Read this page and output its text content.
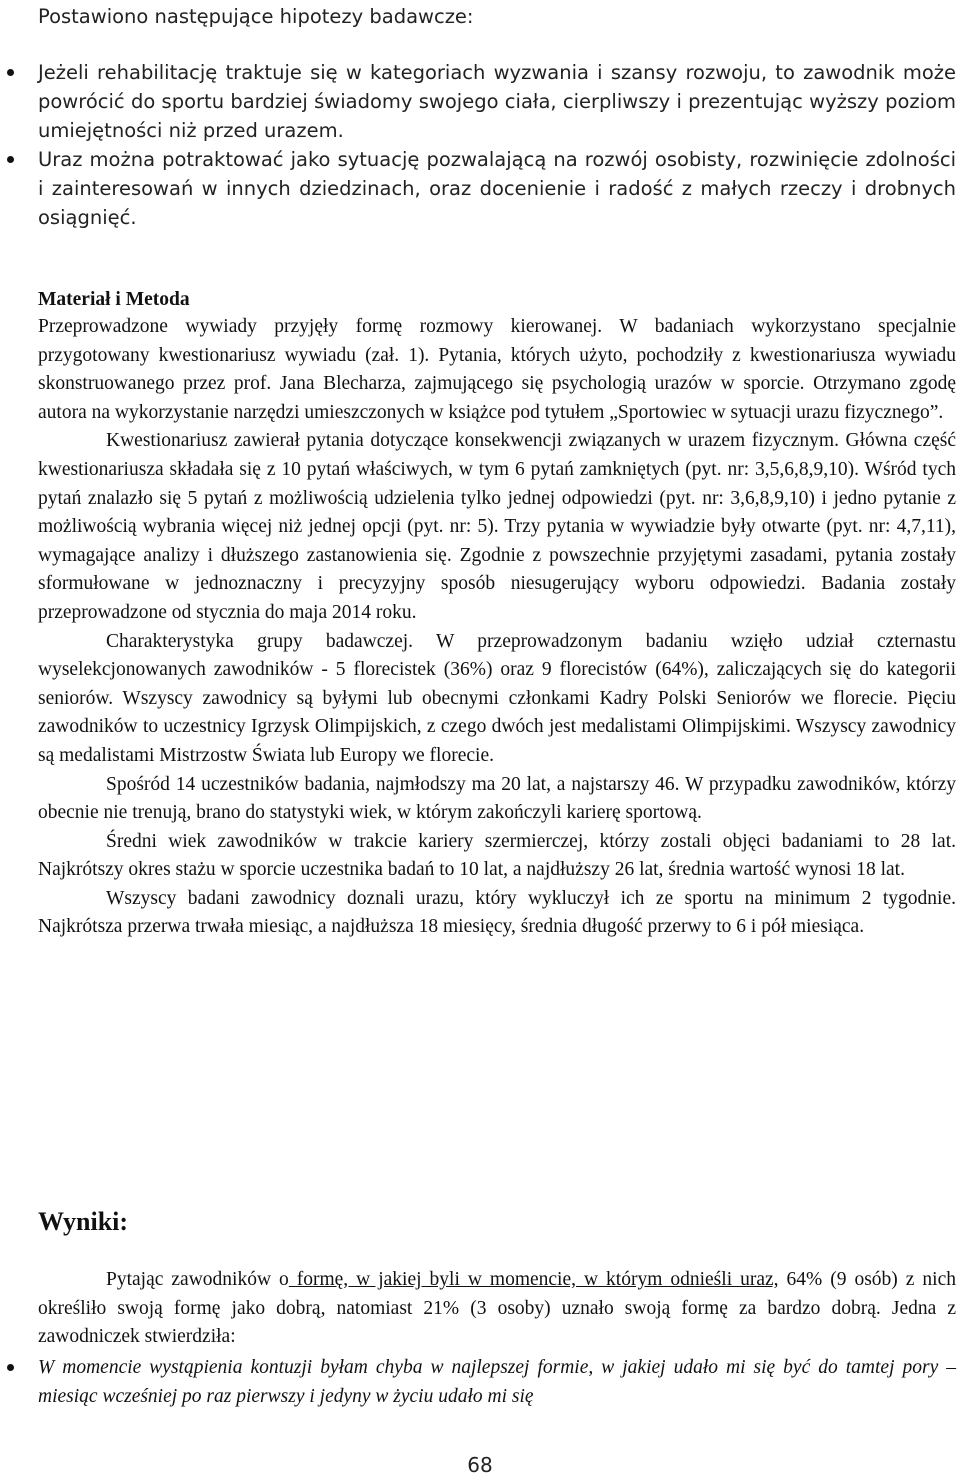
Postawiono następujące hipotezy badawcze:
Jeżeli rehabilitację traktuje się w kategoriach wyzwania i szansy rozwoju, to zawodnik może powrócić do sportu bardziej świadomy swojego ciała, cierpliwszy i prezentując wyższy poziom umiejętności niż przed urazem.
Uraz można potraktować jako sytuację pozwalającą na rozwój osobisty, rozwinięcie zdolności i zainteresowań w innych dziedzinach, oraz docenienie i radość z małych rzeczy i drobnych osiągnięć.
Materiał i Metoda

Przeprowadzone wywiady przyjęły formę rozmowy kierowanej. W badaniach wykorzystano specjalnie przygotowany kwestionariusz wywiadu (zał. 1). Pytania, których użyto, pochodziły z kwestionariusza wywiadu skonstruowanego przez prof. Jana Blecharza, zajmującego się psychologią urazów w sporcie. Otrzymano zgodę autora na wykorzystanie narzędzi umieszczonych w książce pod tytułem „Sportowiec w sytuacji urazu fizycznego”.

Kwestionariusz zawierał pytania dotyczące konsekwencji związanych w urazem fizycznym. Główna część kwestionariusza składała się z 10 pytań właściwych, w tym 6 pytań zamkniętych (pyt. nr: 3,5,6,8,9,10). Wśród tych pytań znalazło się 5 pytań z możliwością udzielenia tylko jednej odpowiedzi (pyt. nr: 3,6,8,9,10) i jedno pytanie z możliwością wybrania więcej niż jednej opcji (pyt. nr: 5). Trzy pytania w wywiadzie były otwarte (pyt. nr: 4,7,11), wymagające analizy i dłuższego zastanowienia się. Zgodnie z powszechnie przyjętymi zasadami, pytania zostały sformułowane w jednoznaczny i precyzyjny sposób niesugerujący wyboru odpowiedzi. Badania zostały przeprowadzone od stycznia do maja 2014 roku.

Charakterystyka grupy badawczej. W przeprowadzonym badaniu wzięło udział czternastu wyselekcjonowanych zawodników - 5 florecistek (36%) oraz 9 florecistów (64%), zaliczających się do kategorii seniorów. Wszyscy zawodnicy są byłymi lub obecnymi członkami Kadry Polski Seniorów we florecie. Pięciu zawodników to uczestnicy Igrzysk Olimpijskich, z czego dwóch jest medalistami Olimpijskimi. Wszyscy zawodnicy są medalistami Mistrzostw Świata lub Europy we florecie.

Spośród 14 uczestników badania, najmłodszy ma 20 lat, a najstarszy 46. W przypadku zawodników, którzy obecnie nie trenują, brano do statystyki wiek, w którym zakończyli karierę sportową.

Średni wiek zawodników w trakcie kariery szermierczej, którzy zostali objęci badaniami to 28 lat. Najkrótszy okres stażu w sporcie uczestnika badań to 10 lat, a najdłuższy 26 lat, średnia wartość wynosi 18 lat.

Wszyscy badani zawodnicy doznali urazu, który wykluczył ich ze sportu na minimum 2 tygodnie. Najkrótsza przerwa trwała miesiąc, a najdłuższa 18 miesięcy, średnia długość przerwy to 6 i pół miesiąca.

Wyniki:
Pytając zawodników o formę, w jakiej byli w momencie, w którym odnieśli uraz, 64% (9 osób) z nich określiło swoją formę jako dobrą, natomiast 21% (3 osoby) uznało swoją formę za bardzo dobrą. Jedna z zawodniczek stwierdziła:
W momencie wystąpienia kontuzji byłam chyba w najlepszej formie, w jakiej udało mi się być do tamtej pory – miesiąc wcześniej po raz pierwszy i jedyny w życiu udało mi się
68
